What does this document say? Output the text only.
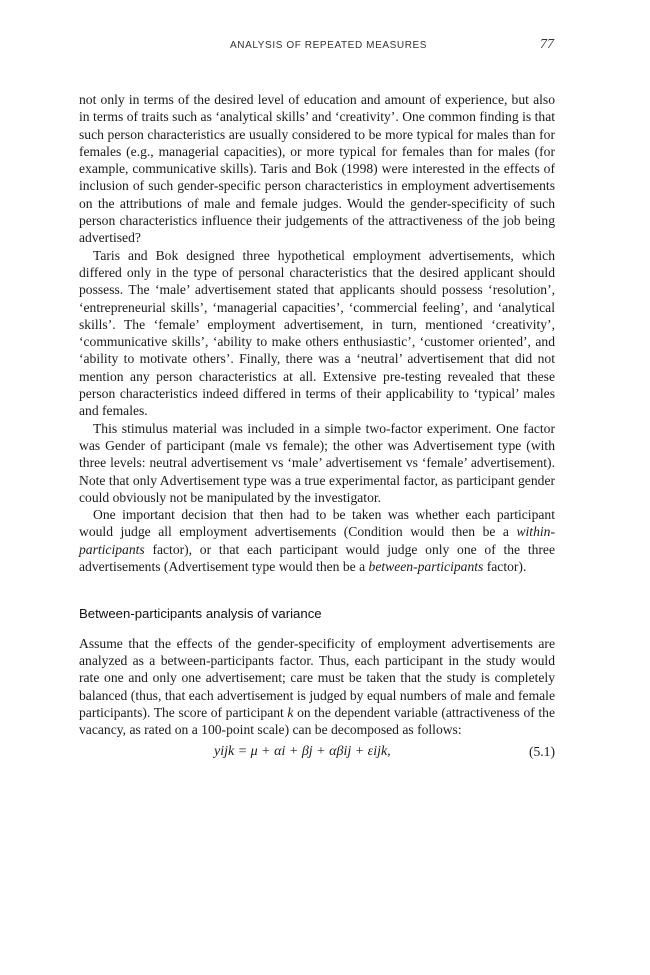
ANALYSIS OF REPEATED MEASURES	77

not only in terms of the desired level of education and amount of experience, but also in terms of traits such as ‘analytical skills’ and ‘creativity’. One common finding is that such person characteristics are usually considered to be more typical for males than for females (e.g., managerial capacities), or more typical for females than for males (for example, communicative skills). Taris and Bok (1998) were interested in the effects of inclusion of such gender-specific person characteristics in employment advertisements on the attributions of male and female judges. Would the gender-specificity of such person characteristics influence their judgements of the attractiveness of the job being advertised?

Taris and Bok designed three hypothetical employment advertisements, which differed only in the type of personal characteristics that the desired applicant should possess. The ‘male’ advertisement stated that applicants should possess ‘resolution’, ‘entrepreneurial skills’, ‘managerial capacities’, ‘commercial feeling’, and ‘analytical skills’. The ‘female’ employment advertisement, in turn, mentioned ‘creativity’, ‘communicative skills’, ‘ability to make others enthusiastic’, ‘customer oriented’, and ‘ability to motivate others’. Finally, there was a ‘neutral’ advertisement that did not mention any person characteristics at all. Extensive pre-testing revealed that these person characteristics indeed differed in terms of their applicability to ‘typical’ males and females.

This stimulus material was included in a simple two-factor experiment. One factor was Gender of participant (male vs female); the other was Advertisement type (with three levels: neutral advertisement vs ‘male’ advertisement vs ‘female’ advertisement). Note that only Advertisement type was a true experimental factor, as participant gender could obviously not be manipulated by the investigator.

One important decision that then had to be taken was whether each participant would judge all employment advertisements (Condition would then be a within-participants factor), or that each participant would judge only one of the three advertisements (Advertisement type would then be a between-participants factor).

Between-participants analysis of variance

Assume that the effects of the gender-specificity of employment advertisements are analyzed as a between-participants factor. Thus, each participant in the study would rate one and only one advertisement; care must be taken that the study is completely balanced (thus, that each advertisement is judged by equal numbers of male and female participants). The score of participant k on the dependent variable (attractiveness of the vacancy, as rated on a 100-point scale) can be decomposed as follows:

yijk = μ + αi + βj + αβij + εijk,	(5.1)
